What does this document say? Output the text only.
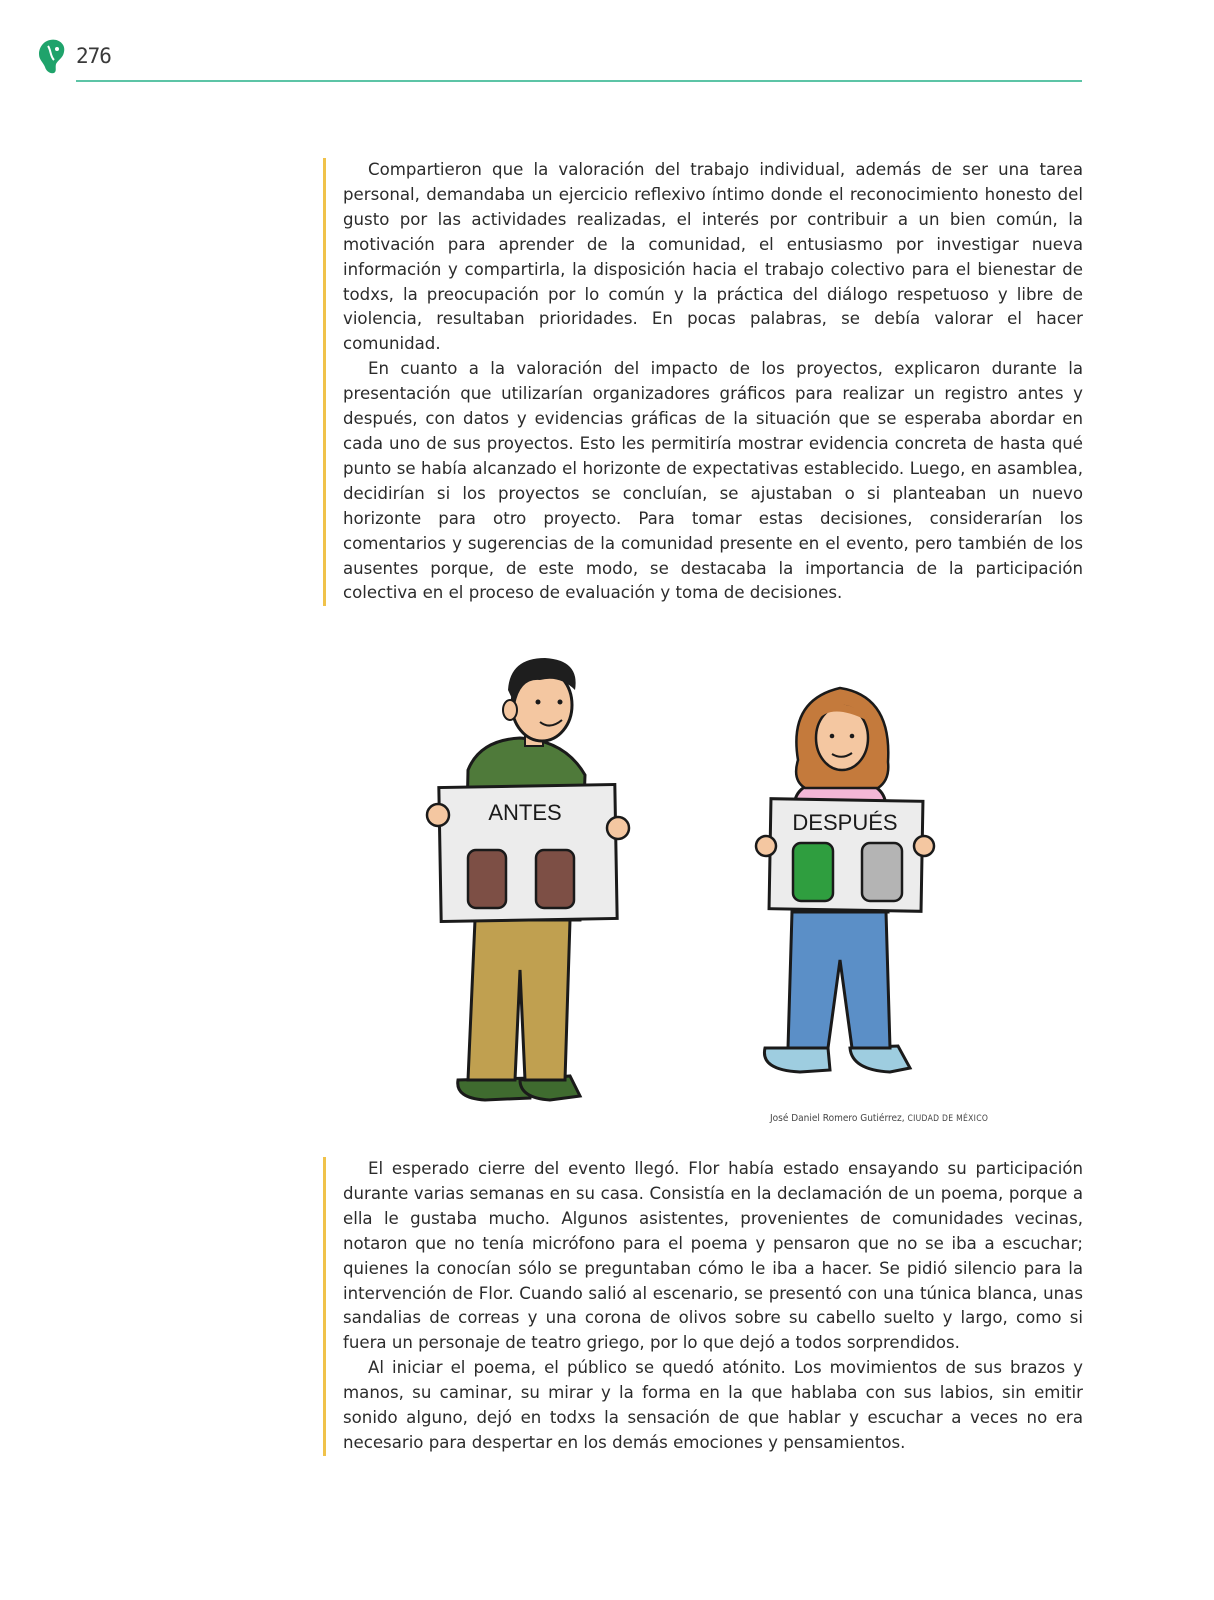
276

Compartieron que la valoración del trabajo individual, además de ser una tarea personal, demandaba un ejercicio reflexivo íntimo donde el reconocimiento honesto del gusto por las actividades realizadas, el interés por contribuir a un bien común, la motivación para aprender de la comunidad, el entusiasmo por investigar nueva información y compartirla, la disposición hacia el trabajo colectivo para el bienestar de todxs, la preocupación por lo común y la práctica del diálogo respetuoso y libre de violencia, resultaban prioridades. En pocas palabras, se debía valorar el hacer comunidad.

En cuanto a la valoración del impacto de los proyectos, explicaron durante la presentación que utilizarían organizadores gráficos para realizar un registro antes y después, con datos y evidencias gráficas de la situación que se esperaba abordar en cada uno de sus proyectos. Esto les permitiría mostrar evidencia concreta de hasta qué punto se había alcanzado el horizonte de expectativas establecido. Luego, en asamblea, decidirían si los proyectos se concluían, se ajustaban o si planteaban un nuevo horizonte para otro proyecto. Para tomar estas decisiones, considerarían los comentarios y sugerencias de la comunidad presente en el evento, pero también de los ausentes porque, de este modo, se destacaba la importancia de la participación colectiva en el proceso de evaluación y toma de decisiones.

ANTES	DESPUÉS
José Daniel Romero Gutiérrez, CIUDAD DE MÉXICO

El esperado cierre del evento llegó. Flor había estado ensayando su participación durante varias semanas en su casa. Consistía en la declamación de un poema, porque a ella le gustaba mucho. Algunos asistentes, provenientes de comunidades vecinas, notaron que no tenía micrófono para el poema y pensaron que no se iba a escuchar; quienes la conocían sólo se preguntaban cómo le iba a hacer. Se pidió silencio para la intervención de Flor. Cuando salió al escenario, se presentó con una túnica blanca, unas sandalias de correas y una corona de olivos sobre su cabello suelto y largo, como si fuera un personaje de teatro griego, por lo que dejó a todos sorprendidos.

Al iniciar el poema, el público se quedó atónito. Los movimientos de sus brazos y manos, su caminar, su mirar y la forma en la que hablaba con sus labios, sin emitir sonido alguno, dejó en todxs la sensación de que hablar y escuchar a veces no era necesario para despertar en los demás emociones y pensamientos.
